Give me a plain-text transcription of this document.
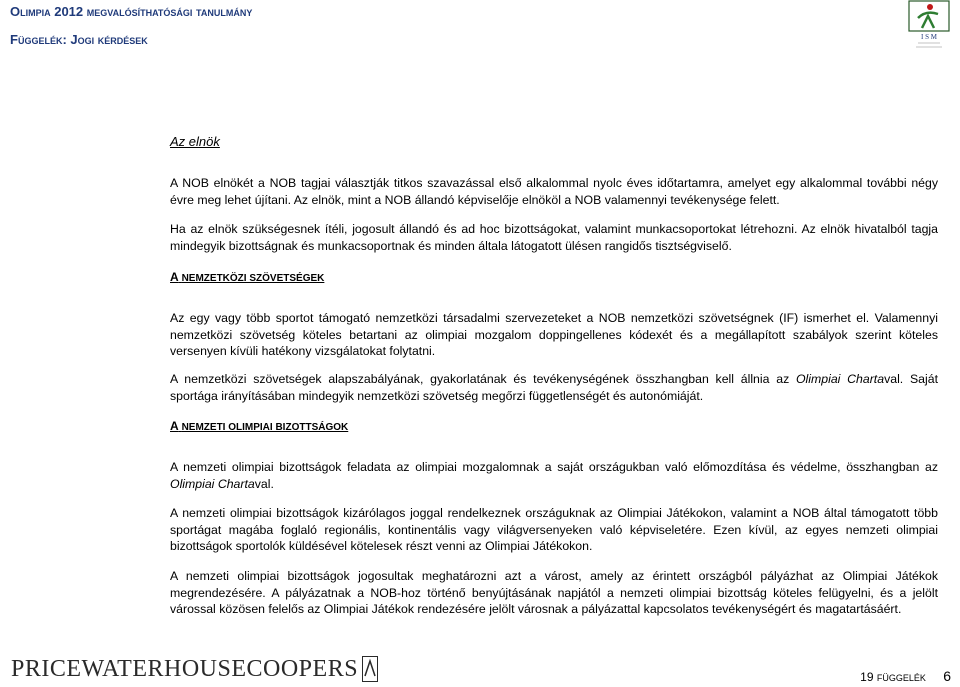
Olimpia 2012 megvalósíthatósági tanulmány
Függelék: Jogi kérdések	I S M
Az elnök
A NOB elnökét a NOB tagjai választják titkos szavazással első alkalommal nyolc éves időtartamra, amelyet egy alkalommal további négy évre meg lehet újítani. Az elnök, mint a NOB állandó képviselője elnököl a NOB valamennyi tevékenysége felett.
Ha az elnök szükségesnek ítéli, jogosult állandó és ad hoc bizottságokat, valamint munkacsoportokat létrehozni. Az elnök hivatalból tagja mindegyik bizottságnak és munkacsoportnak és minden általa látogatott ülésen rangidős tisztségviselő.
A NEMZETKÖZI SZÖVETSÉGEK
Az egy vagy több sportot támogató nemzetközi társadalmi szervezeteket a NOB nemzetközi szövetségnek (IF) ismerhet el. Valamennyi nemzetközi szövetség köteles betartani az olimpiai mozgalom doppingellenes kódexét és a megállapított szabályok szerint köteles versenyen kívüli hatékony vizsgálatokat folytatni.
A nemzetközi szövetségek alapszabályának, gyakorlatának és tevékenységének összhangban kell állnia az Olimpiai Chartaval. Saját sportága irányításában mindegyik nemzetközi szövetség megőrzi függetlenségét és autonómiáját.
A NEMZETI OLIMPIAI BIZOTTSÁGOK
A nemzeti olimpiai bizottságok feladata az olimpiai mozgalomnak a saját országukban való előmozdítása és védelme, összhangban az Olimpiai Chartaval.
A nemzeti olimpiai bizottságok kizárólagos joggal rendelkeznek országuknak az Olimpiai Játékokon, valamint a NOB által támogatott több sportágat magába foglaló regionális, kontinentális vagy világversenyeken való képviseletére. Ezen kívül, az egyes nemzeti olimpiai bizottságok sportolók küldésével kötelesek részt venni az Olimpiai Játékokon.
A nemzeti olimpiai bizottságok jogosultak meghatározni azt a várost, amely az érintett országból pályázhat az Olimpiai Játékok megrendezésére. A pályázatnak a NOB-hoz történő benyújtásának napjától a nemzeti olimpiai bizottság köteles felügyelni, és a jelölt várossal közösen felelős az Olimpiai Játékok rendezésére jelölt városnak a pályázattal kapcsolatos tevékenységért és magatartásáért.
PRICEWATERHOUSECOOPERS	19 FÜGGELÉK 6
